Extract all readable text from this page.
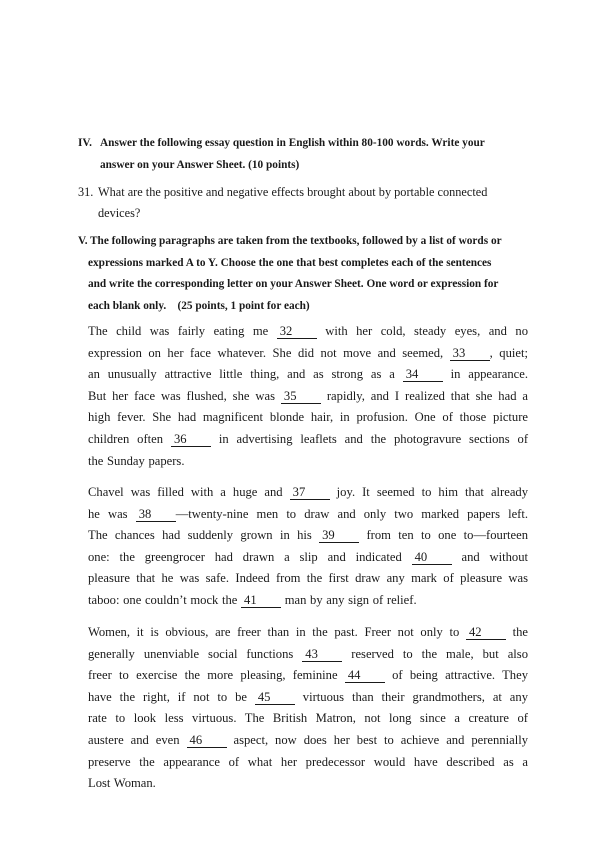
IV. Answer the following essay question in English within 80-100 words. Write your
answer on your Answer Sheet. (10 points)
31. What are the positive and negative effects brought about by portable connected
devices?
V. The following paragraphs are taken from the textbooks, followed by a list of words or
expressions marked A to Y. Choose the one that best completes each of the sentences
and write the corresponding letter on your Answer Sheet. One word or expression for
each blank only.　(25 points, 1 point for each)
The child was fairly eating me 32	with her cold, steady eyes, and no
expression on her face whatever. She did not move and seemed, 33 , quiet;
an unusually attractive little thing, and as strong as a 34	in appearance.
But her face was flushed, she was 35 rapidly, and I realized that she had a
high fever. She had magnificent blonde hair, in profusion. One of those picture
children often 36	in advertising leaflets and the photogravure sections of
the Sunday papers.
Chavel was filled with a huge and 37 joy. It seemed to him that already
he was 38 —twenty-nine men to draw and only two marked papers left.
The chances had suddenly grown in his 39	from ten to one to—fourteen
one: the greengrocer had drawn a slip and indicated 40	and without
pleasure that he was safe. Indeed from the first draw any mark of pleasure was
taboo: one couldn’t mock the 41 man by any sign of relief.
Women, it is obvious, are freer than in the past. Freer not only to 42 the
generally unenviable social functions 43	reserved to the male, but also
freer to exercise the more pleasing, feminine 44	of being attractive. They
have the right, if not to be 45	virtuous than their grandmothers, at any
rate to look less virtuous. The British Matron, not long since a creature of
austere and even 46 aspect, now does her best to achieve and perennially
preserve the appearance of what her predecessor would have described as a
Lost Woman.
